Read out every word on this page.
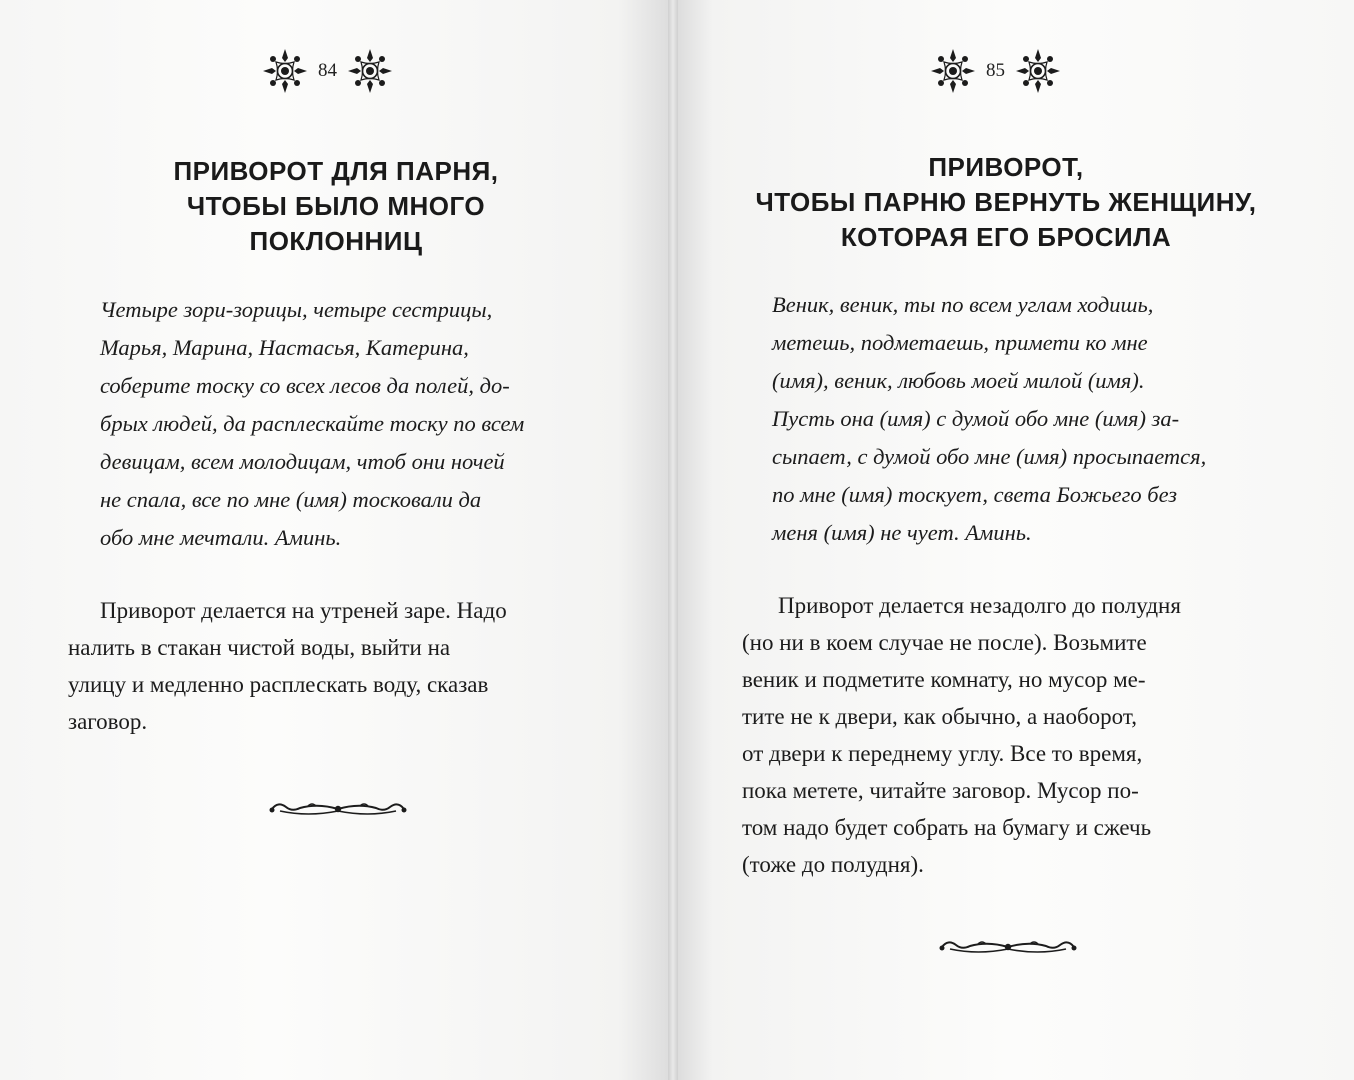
84
ПРИВОРОТ ДЛЯ ПАРНЯ,
ЧТОБЫ БЫЛО МНОГО
ПОКЛОННИЦ
Четыре зори-зорицы, четыре сестрицы,
Марья, Марина, Настасья, Катерина,
соберите тоску со всех лесов да полей, до-
брых людей, да расплескайте тоску по всем
девицам, всем молодицам, чтоб они ночей
не спала, все по мне (имя) тосковали да
обо мне мечтали. Аминь.
Приворот делается на утреней заре. Надо
налить в стакан чистой воды, выйти на
улицу и медленно расплескать воду, сказав
заговор.
85
ПРИВОРОТ,
ЧТОБЫ ПАРНЮ ВЕРНУТЬ ЖЕНЩИНУ,
КОТОРАЯ ЕГО БРОСИЛА
Веник, веник, ты по всем углам ходишь,
метешь, подметаешь, примети ко мне
(имя), веник, любовь моей милой (имя).
Пусть она (имя) с думой обо мне (имя) за-
сыпает, с думой обо мне (имя) просыпается,
по мне (имя) тоскует, света Божьего без
меня (имя) не чует. Аминь.
Приворот делается незадолго до полудня
(но ни в коем случае не после). Возьмите
веник и подметите комнату, но мусор ме-
тите не к двери, как обычно, а наоборот,
от двери к переднему углу. Все то время,
пока метете, читайте заговор. Мусор по-
том надо будет собрать на бумагу и сжечь
(тоже до полудня).
